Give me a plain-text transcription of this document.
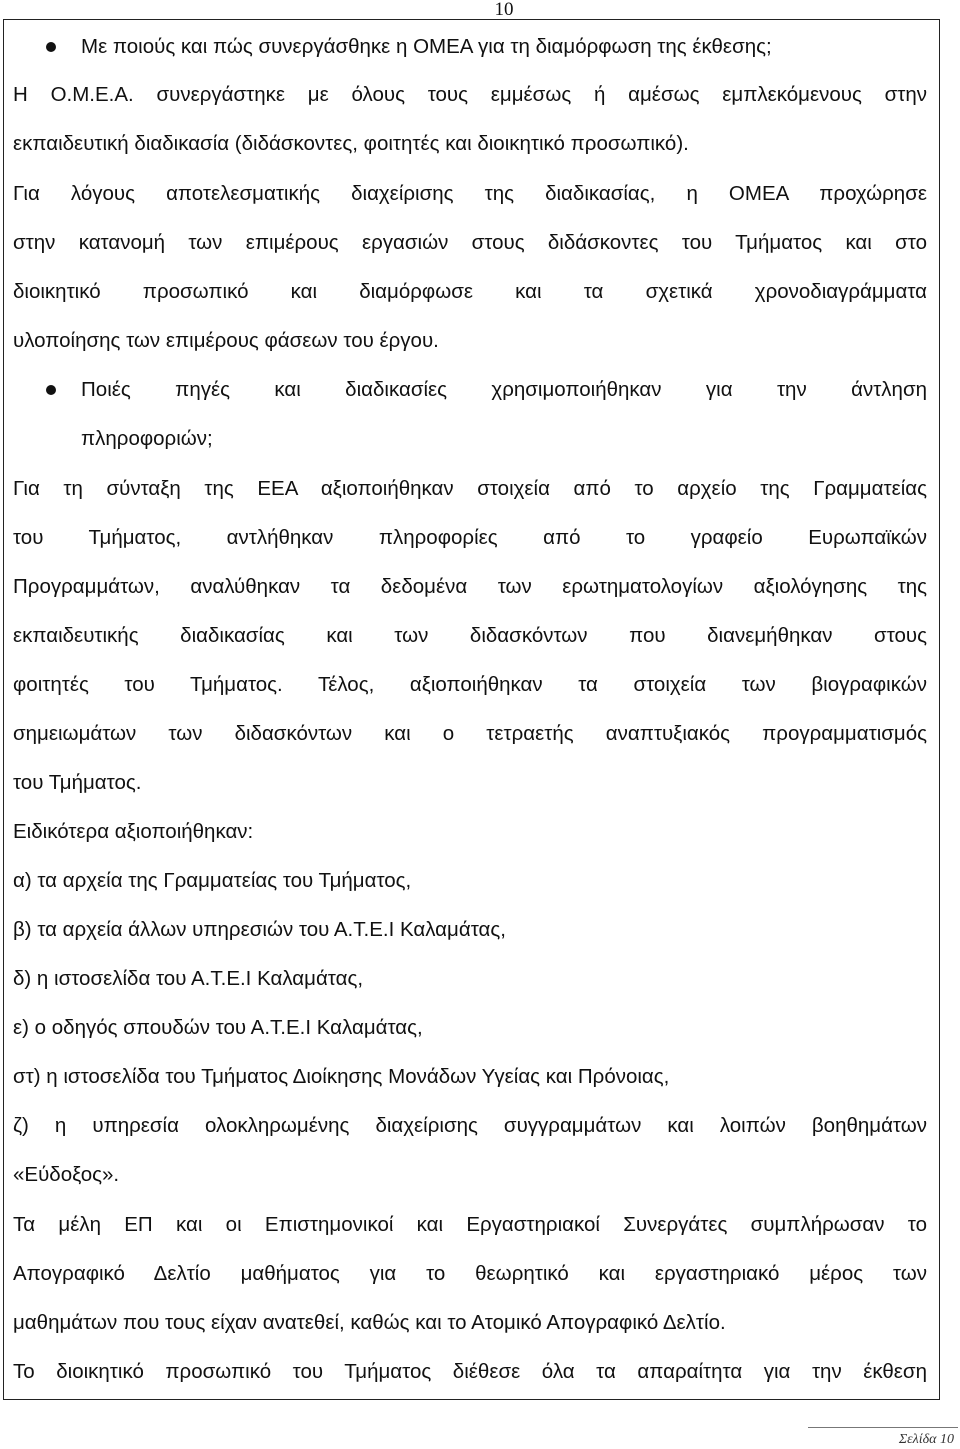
10
Με ποιούς και πώς συνεργάσθηκε η ΟΜΕΑ για τη διαμόρφωση της έκθεσης;
Η Ο.Μ.Ε.Α. συνεργάστηκε με όλους τους εμμέσως ή αμέσως εμπλεκόμενους στην
εκπαιδευτική διαδικασία (διδάσκοντες, φοιτητές και διοικητικό προσωπικό).
Για λόγους αποτελεσματικής διαχείρισης της διαδικασίας, η ΟΜΕΑ προχώρησε
στην κατανομή των επιμέρους εργασιών στους διδάσκοντες του Τμήματος και στο
διοικητικό προσωπικό και διαμόρφωσε και τα σχετικά χρονοδιαγράμματα
υλοποίησης των επιμέρους φάσεων του έργου.
Ποιές πηγές και διαδικασίες χρησιμοποιήθηκαν για την άντληση
πληροφοριών;
Για τη σύνταξη της ΕΕΑ αξιοποιήθηκαν στοιχεία από το αρχείο της Γραμματείας
του Τμήματος, αντλήθηκαν πληροφορίες από το γραφείο Ευρωπαϊκών
Προγραμμάτων, αναλύθηκαν τα δεδομένα των ερωτηματολογίων αξιολόγησης της
εκπαιδευτικής διαδικασίας και των διδασκόντων που διανεμήθηκαν στους
φοιτητές του Τμήματος. Τέλος, αξιοποιήθηκαν τα στοιχεία των βιογραφικών
σημειωμάτων των διδασκόντων και ο τετραετής αναπτυξιακός προγραμματισμός
του Τμήματος.
Ειδικότερα αξιοποιήθηκαν:
α) τα αρχεία της Γραμματείας του Τμήματος,
β) τα αρχεία άλλων υπηρεσιών του Α.Τ.Ε.Ι Καλαμάτας,
δ) η ιστοσελίδα του Α.Τ.Ε.Ι Καλαμάτας,
ε) ο οδηγός σπουδών του Α.Τ.Ε.Ι Καλαμάτας,
στ) η ιστοσελίδα του Τμήματος Διοίκησης Μονάδων Υγείας και Πρόνοιας,
ζ) η υπηρεσία ολοκληρωμένης διαχείρισης συγγραμμάτων και λοιπών βοηθημάτων
«Εύδοξος».
Τα μέλη ΕΠ και οι Επιστημονικοί και Εργαστηριακοί Συνεργάτες συμπλήρωσαν το
Απογραφικό Δελτίο μαθήματος για το θεωρητικό και εργαστηριακό μέρος των
μαθημάτων που τους είχαν ανατεθεί, καθώς και το Ατομικό Απογραφικό Δελτίο.
Το διοικητικό προσωπικό του Τμήματος διέθεσε όλα τα απαραίτητα για την έκθεση
Σελίδα 10
